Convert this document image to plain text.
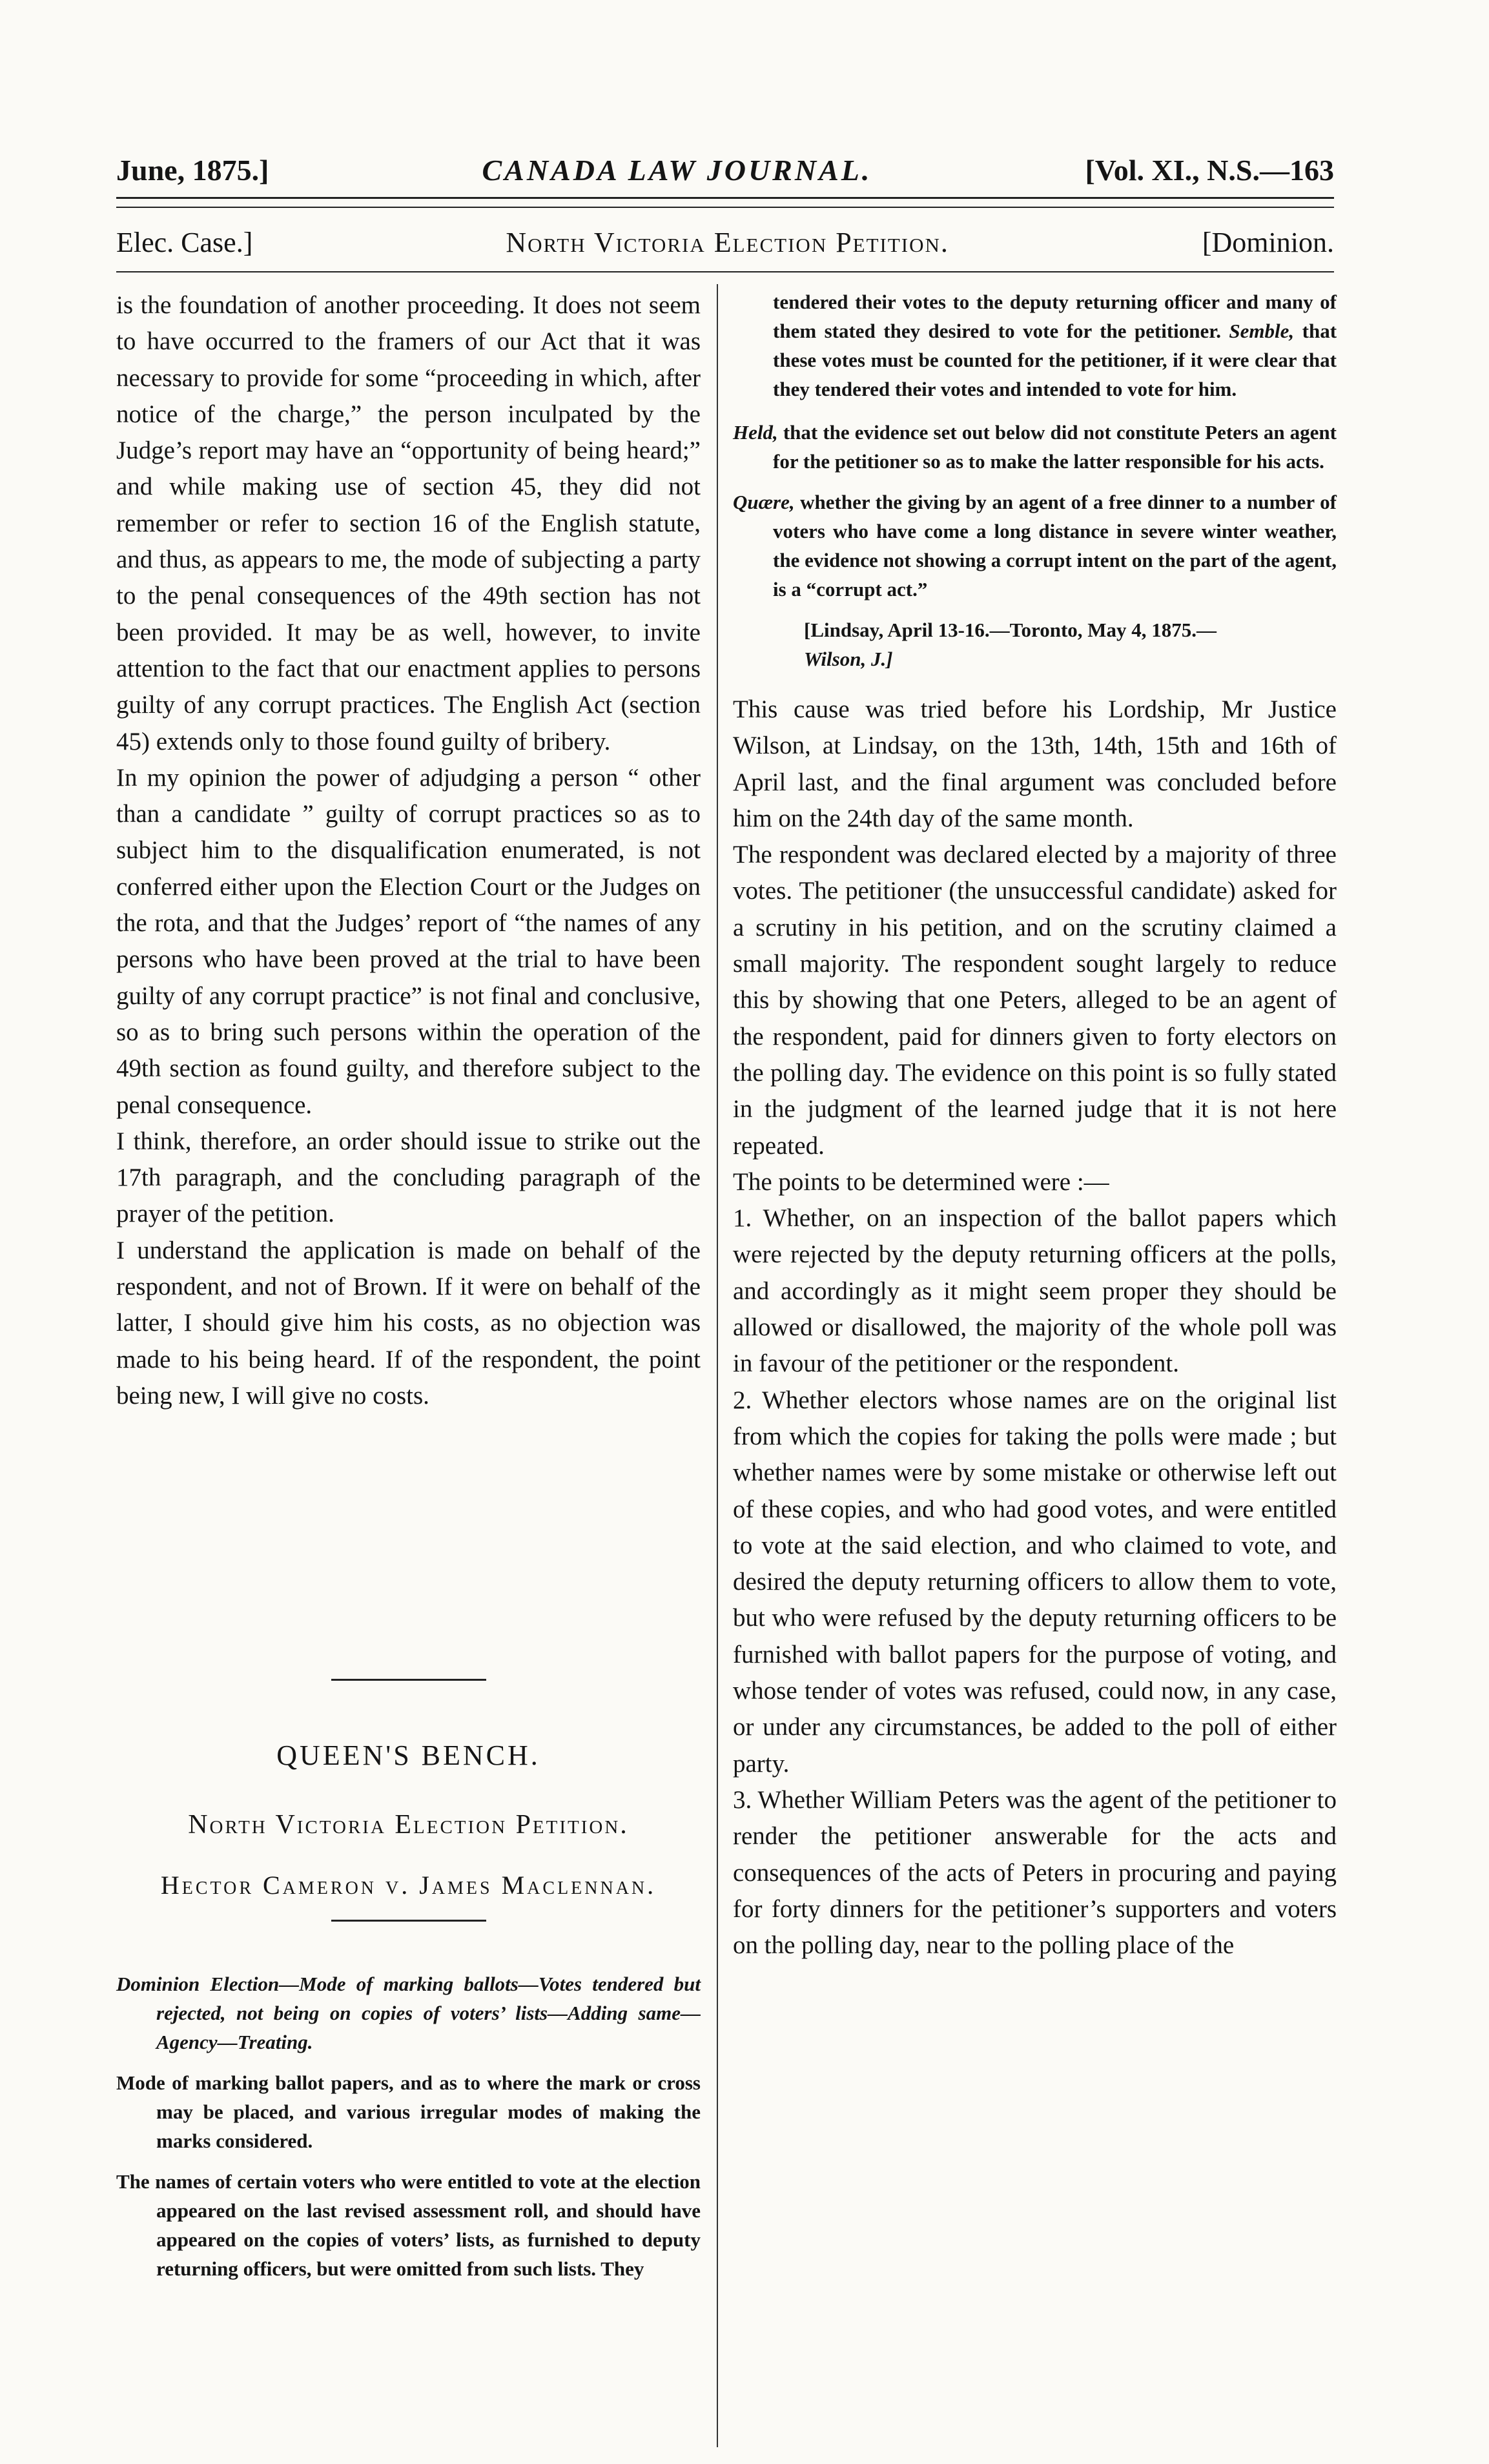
June, 1875.]	CANADA LAW JOURNAL.	[Vol. XI., N.S.—163
Elec. Case.]	North Victoria Election Petition.	[Dominion.

is the foundation of another proceeding. It does not seem to have occurred to the framers of our Act that it was necessary to provide for some “proceeding in which, after notice of the charge,” the person inculpated by the Judge’s report may have an “opportunity of being heard;” and while making use of section 45, they did not remember or refer to section 16 of the English statute, and thus, as appears to me, the mode of subjecting a party to the penal consequences of the 49th section has not been provided. It may be as well, however, to invite attention to the fact that our enactment applies to persons guilty of any corrupt practices. The English Act (section 45) extends only to those found guilty of bribery.

In my opinion the power of adjudging a person “ other than a candidate ” guilty of corrupt practices so as to subject him to the disqualification enumerated, is not conferred either upon the Election Court or the Judges on the rota, and that the Judges’ report of “the names of any persons who have been proved at the trial to have been guilty of any corrupt practice” is not final and conclusive, so as to bring such persons within the operation of the 49th section as found guilty, and therefore subject to the penal consequence.

I think, therefore, an order should issue to strike out the 17th paragraph, and the concluding paragraph of the prayer of the petition.

I understand the application is made on behalf of the respondent, and not of Brown. If it were on behalf of the latter, I should give him his costs, as no objection was made to his being heard. If of the respondent, the point being new, I will give no costs.

QUEEN'S BENCH.
North Victoria Election Petition.
Hector Cameron v. James Maclennan.

Dominion Election—Mode of marking ballots—Votes tendered but rejected, not being on copies of voters’ lists—Adding same—Agency—Treating.

Mode of marking ballot papers, and as to where the mark or cross may be placed, and various irregular modes of making the marks considered.

The names of certain voters who were entitled to vote at the election appeared on the last revised assessment roll, and should have appeared on the copies of voters’ lists, as furnished to deputy returning officers, but were omitted from such lists. They

tendered their votes to the deputy returning officer and many of them stated they desired to vote for the petitioner. Semble, that these votes must be counted for the petitioner, if it were clear that they tendered their votes and intended to vote for him.

Held, that the evidence set out below did not constitute Peters an agent for the petitioner so as to make the latter responsible for his acts.

Quære, whether the giving by an agent of a free dinner to a number of voters who have come a long distance in severe winter weather, the evidence not showing a corrupt intent on the part of the agent, is a “corrupt act.”

[Lindsay, April 13-16.—Toronto, May 4, 1875.—
Wilson, J.]

This cause was tried before his Lordship, Mr Justice Wilson, at Lindsay, on the 13th, 14th, 15th and 16th of April last, and the final argument was concluded before him on the 24th day of the same month.

The respondent was declared elected by a majority of three votes. The petitioner (the unsuccessful candidate) asked for a scrutiny in his petition, and on the scrutiny claimed a small majority. The respondent sought largely to reduce this by showing that one Peters, alleged to be an agent of the respondent, paid for dinners given to forty electors on the polling day. The evidence on this point is so fully stated in the judgment of the learned judge that it is not here repeated.

The points to be determined were :—

1. Whether, on an inspection of the ballot papers which were rejected by the deputy returning officers at the polls, and accordingly as it might seem proper they should be allowed or disallowed, the majority of the whole poll was in favour of the petitioner or the respondent.

2. Whether electors whose names are on the original list from which the copies for taking the polls were made ; but whether names were by some mistake or otherwise left out of these copies, and who had good votes, and were entitled to vote at the said election, and who claimed to vote, and desired the deputy returning officers to allow them to vote, but who were refused by the deputy returning officers to be furnished with ballot papers for the purpose of voting, and whose tender of votes was refused, could now, in any case, or under any circumstances, be added to the poll of either party.

3. Whether William Peters was the agent of the petitioner to render the petitioner answerable for the acts and consequences of the acts of Peters in procuring and paying for forty dinners for the petitioner’s supporters and voters on the polling day, near to the polling place of the
